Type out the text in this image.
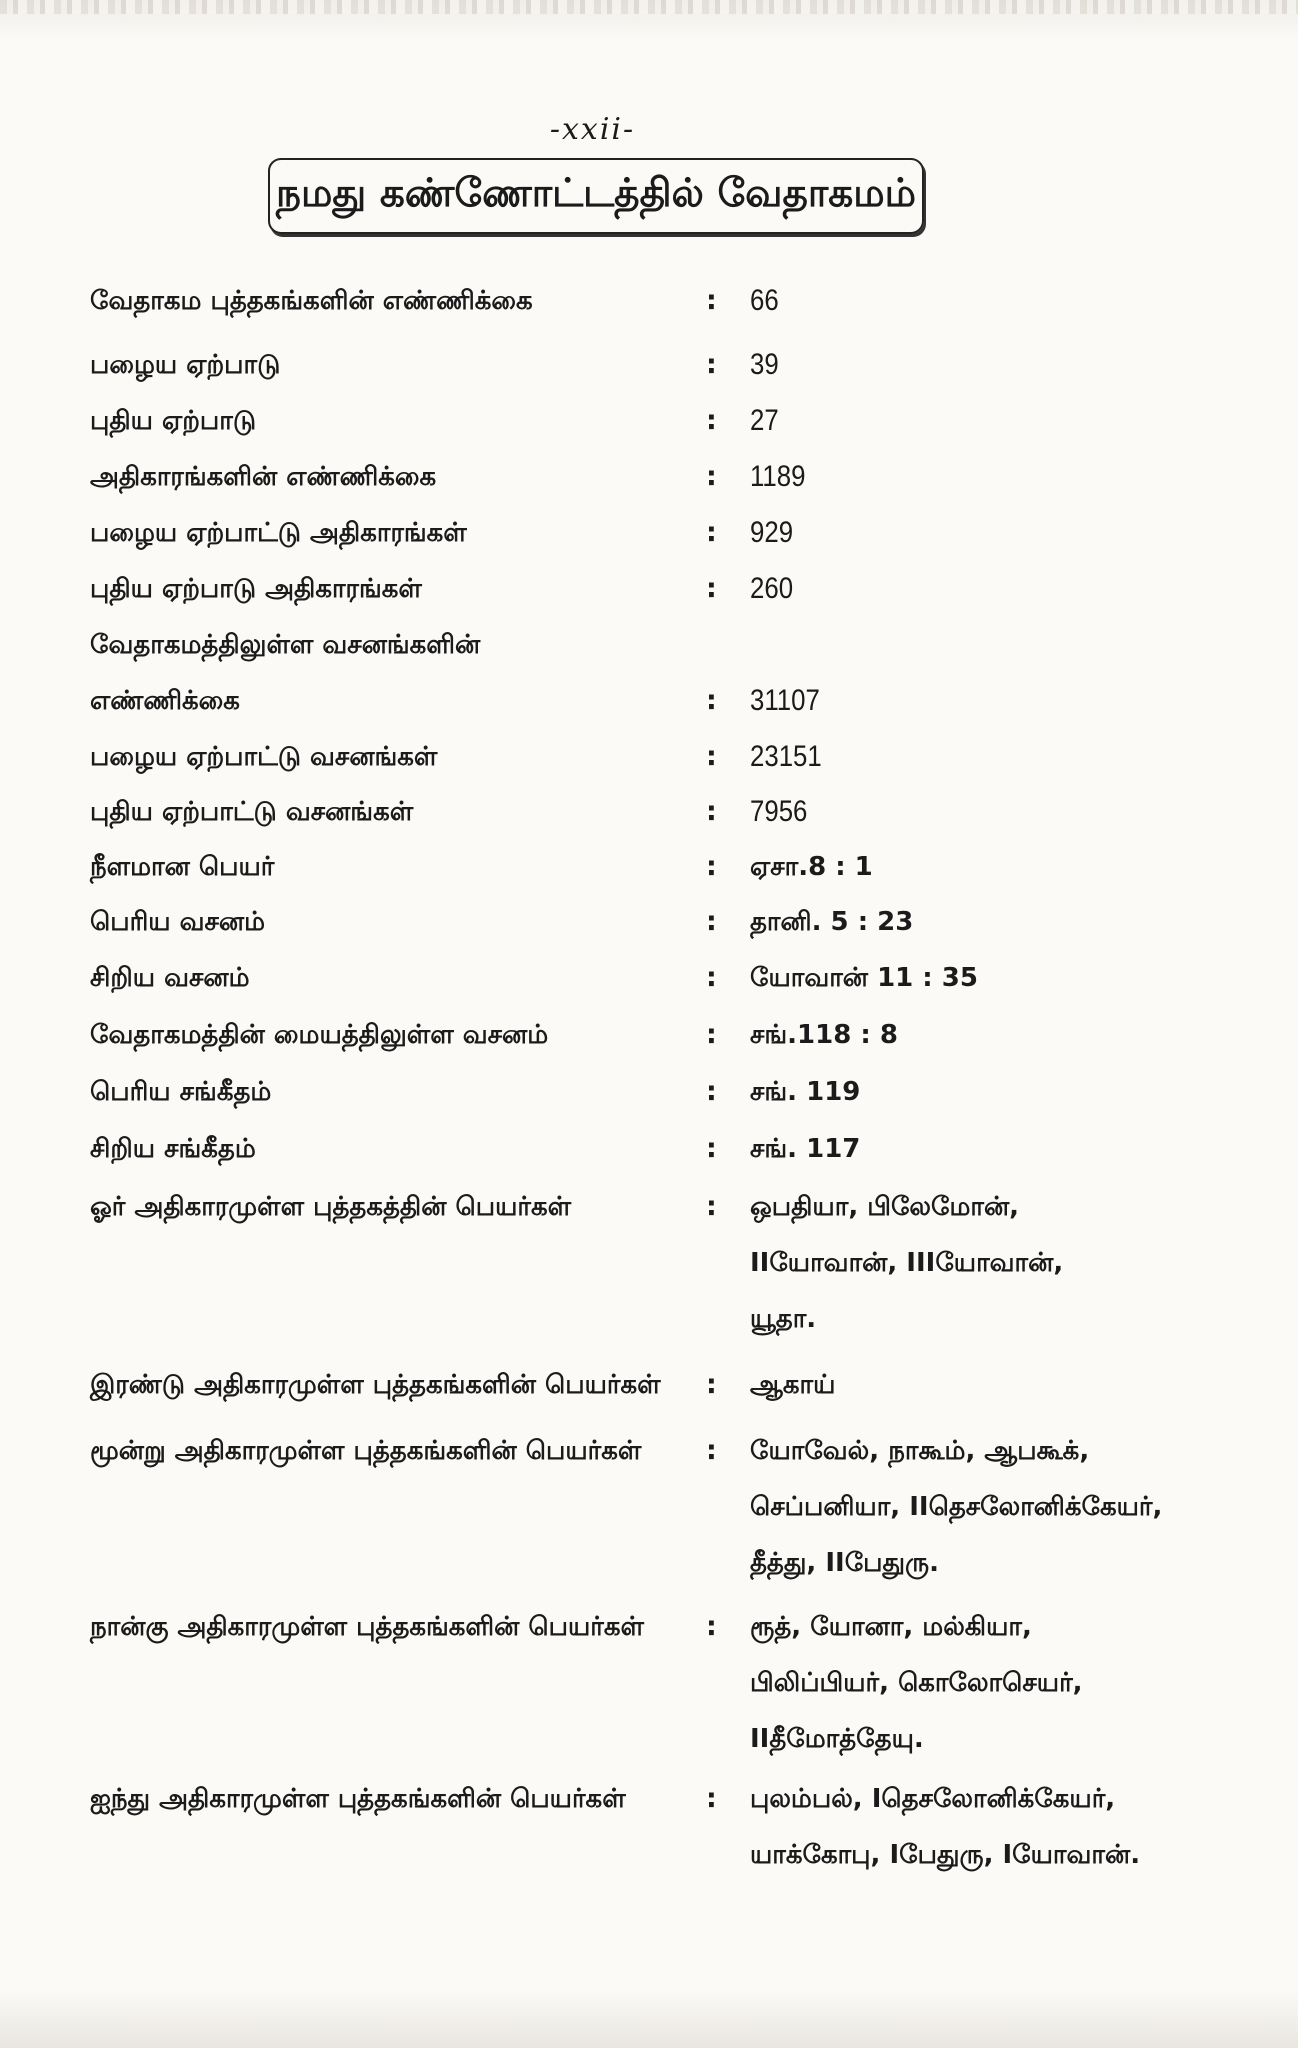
-xxii-
நமது கண்ணோட்டத்தில் வேதாகமம்
வேதாகம புத்தகங்களின் எண்ணிக்கை	: 66
பழைய ஏற்பாடு	: 39
புதிய ஏற்பாடு	: 27
அதிகாரங்களின் எண்ணிக்கை	: 1189
பழைய ஏற்பாட்டு அதிகாரங்கள்	: 929
புதிய ஏற்பாடு அதிகாரங்கள்	: 260
வேதாகமத்திலுள்ள வசனங்களின்
எண்ணிக்கை	: 31107
பழைய ஏற்பாட்டு வசனங்கள்	: 23151
புதிய ஏற்பாட்டு வசனங்கள்	: 7956
நீளமான பெயர்	: ஏசா.8 : 1
பெரிய வசனம்	: தானி. 5 : 23
சிறிய வசனம்	: யோவான் 11 : 35
வேதாகமத்தின் மையத்திலுள்ள வசனம்	: சங்.118 : 8
பெரிய சங்கீதம்	: சங். 119
சிறிய சங்கீதம்	: சங். 117
ஓர் அதிகாரமுள்ள புத்தகத்தின் பெயர்கள்	: ஒபதியா, பிலேமோன்,
IIயோவான், IIIயோவான்,
யூதா.
இரண்டு அதிகாரமுள்ள புத்தகங்களின் பெயர்கள் : ஆகாய்
மூன்று அதிகாரமுள்ள புத்தகங்களின் பெயர்கள் : யோவேல், நாகூம், ஆபகூக்,
செப்பனியா, IIதெசலோனிக்கேயர்,
தீத்து, IIபேதுரு.
நான்கு அதிகாரமுள்ள புத்தகங்களின் பெயர்கள் : ரூத், யோனா, மல்கியா,
பிலிப்பியர், கொலோசெயர்,
IIதீமோத்தேயு.
ஐந்து அதிகாரமுள்ள புத்தகங்களின் பெயர்கள்	: புலம்பல், Iதெசலோனிக்கேயர்,
யாக்கோபு, Iபேதுரு, Iயோவான்.
